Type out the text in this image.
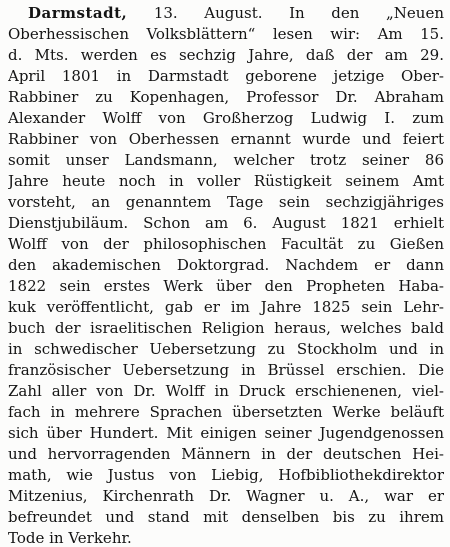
Darmstadt, 13. August. In den „Neuen
Oberhessischen Volksblättern“ lesen wir: Am 15.
d. Mts. werden es sechzig Jahre, daß der am 29.
April 1801 in Darmstadt geborene jetzige Ober-
Rabbiner zu Kopenhagen, Professor Dr. Abraham
Alexander Wolff von Großherzog Ludwig I. zum
Rabbiner von Oberhessen ernannt wurde und feiert
somit unser Landsmann, welcher trotz seiner 86
Jahre heute noch in voller Rüstigkeit seinem Amt
vorsteht, an genanntem Tage sein sechzigjähriges
Dienstjubiläum. Schon am 6. August 1821 erhielt
Wolff von der philosophischen Facultät zu Gießen
den akademischen Doktorgrad. Nachdem er dann
1822 sein erstes Werk über den Propheten Haba-
kuk veröffentlicht, gab er im Jahre 1825 sein Lehr-
buch der israelitischen Religion heraus, welches bald
in schwedischer Uebersetzung zu Stockholm und in
französischer Uebersetzung in Brüssel erschien. Die
Zahl aller von Dr. Wolff in Druck erschienenen, viel-
fach in mehrere Sprachen übersetzten Werke beläuft
sich über Hundert. Mit einigen seiner Jugendgenossen
und hervorragenden Männern in der deutschen Hei-
math, wie Justus von Liebig, Hofbibliothekdirektor
Mitzenius, Kirchenrath Dr. Wagner u. A., war er
befreundet und stand mit denselben bis zu ihrem
Tode in Verkehr.
